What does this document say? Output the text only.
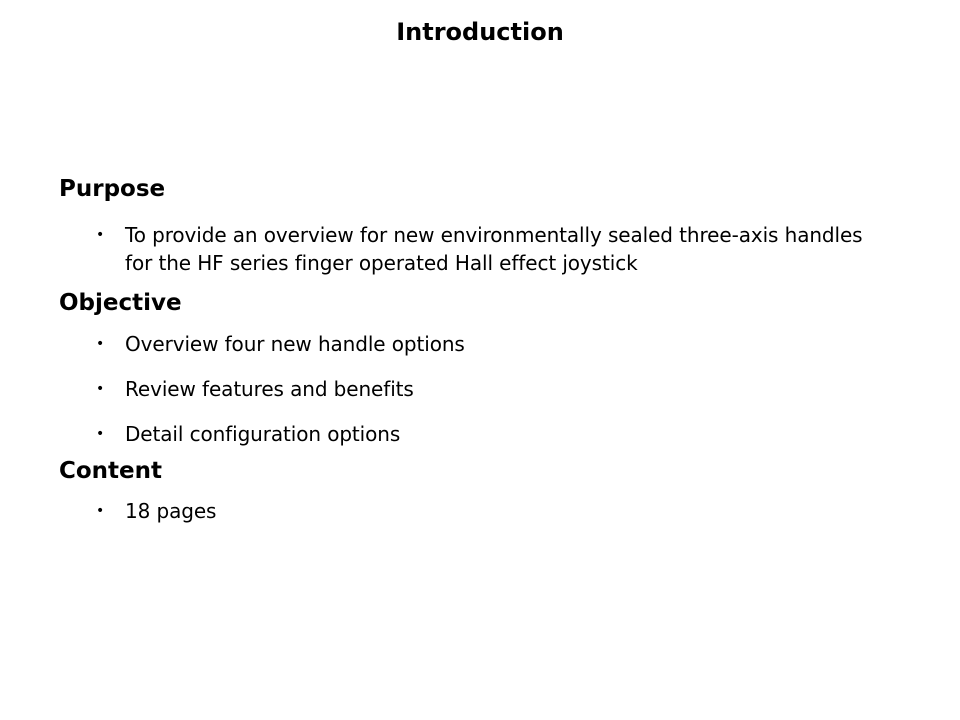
Introduction
Purpose
• To provide an overview for new environmentally sealed three-axis handles for the HF series finger operated Hall effect joystick
Objective
• Overview four new handle options
• Review features and benefits
• Detail configuration options
Content
• 18 pages
